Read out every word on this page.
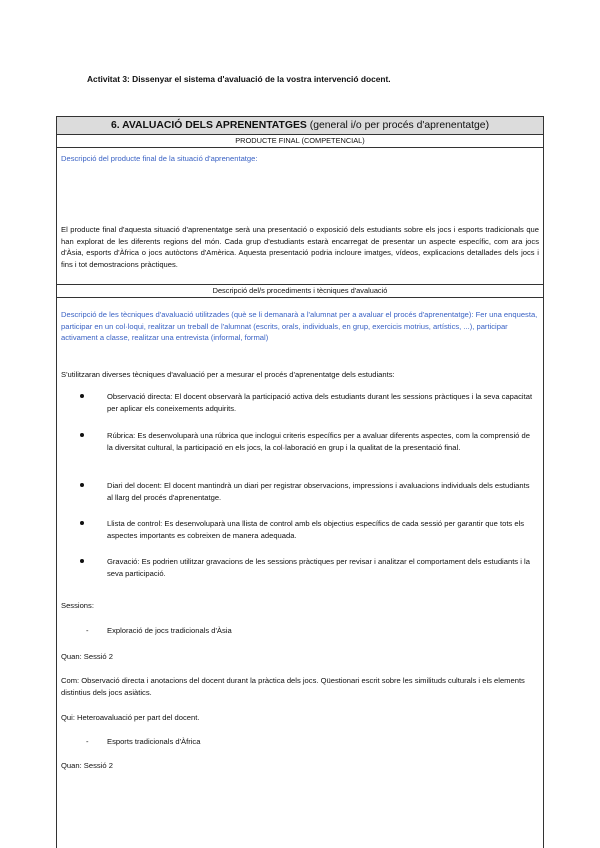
Activitat 3: Dissenyar el sistema d'avaluació de la vostra intervenció docent.
6. AVALUACIÓ DELS APRENENTATGES (general i/o per procés d'aprenentatge)
PRODUCTE FINAL (COMPETENCIAL)

Descripció del producte final de la situació d'aprenentatge:

El producte final d'aquesta situació d'aprenentatge serà una presentació o exposició dels estudiants sobre els jocs i esports tradicionals que han explorat de les diferents regions del món. Cada grup d'estudiants estarà encarregat de presentar un aspecte específic, com ara jocs d'Àsia, esports d'Àfrica o jocs autòctons d'Amèrica. Aquesta presentació podria incloure imatges, vídeos, explicacions detallades dels jocs i fins i tot demostracions pràctiques.

Descripció del/s procediments i tècniques d'avaluació

Descripció de les tècniques d'avaluació utilitzades (què se li demanarà a l'alumnat per a avaluar el procés d'aprenentatge): Fer una enquesta, participar en un col·loqui, realitzar un treball de l'alumnat (escrits, orals, individuals, en grup, exercicis motrius, artístics, ...), participar activament a classe, realitzar una entrevista (informal, formal)

S'utilitzaran diverses tècniques d'avaluació per a mesurar el procés d'aprenentatge dels estudiants:

Observació directa: El docent observarà la participació activa dels estudiants durant les sessions pràctiques i la seva capacitat per aplicar els coneixements adquirits.
Rúbrica: Es desenvoluparà una rúbrica que inclogui criteris específics per a avaluar diferents aspectes, com la comprensió de la diversitat cultural, la participació en els jocs, la col·laboració en grup i la qualitat de la presentació final.
Diari del docent: El docent mantindrà un diari per registrar observacions, impressions i avaluacions individuals dels estudiants al llarg del procés d'aprenentatge.
Llista de control: Es desenvoluparà una llista de control amb els objectius específics de cada sessió per garantir que tots els aspectes importants es cobreixen de manera adequada.
Gravació: Es podrien utilitzar gravacions de les sessions pràctiques per revisar i analitzar el comportament dels estudiants i la seva participació.
Sessions:
- Exploració de jocs tradicionals d'Àsia
Quan: Sessió 2

Com: Observació directa i anotacions del docent durant la pràctica dels jocs. Qüestionari escrit sobre les similituds culturals i els elements distintius dels jocs asiàtics.

Qui: Heteroavaluació per part del docent.
- Esports tradicionals d'Àfrica
Quan: Sessió 2
